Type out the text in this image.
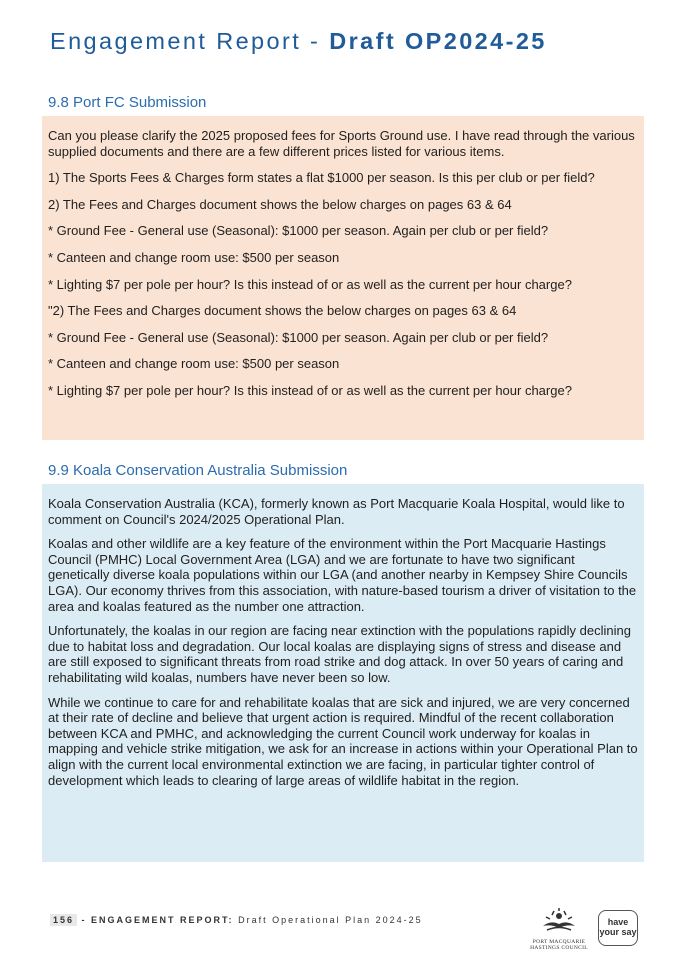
Engagement Report - Draft OP2024-25
9.8 Port FC Submission

Can you please clarify the 2025 proposed fees for Sports Ground use. I have read through the various supplied documents and there are a few different prices listed for various items.

1) The Sports Fees & Charges form states a flat $1000 per season. Is this per club or per field?

2) The Fees and Charges document shows the below charges on pages 63 & 64

* Ground Fee - General use (Seasonal): $1000 per season. Again per club or per field?

* Canteen and change room use: $500 per season

* Lighting $7 per pole per hour? Is this instead of or as well as the current per hour charge?

"2) The Fees and Charges document shows the below charges on pages 63 & 64

* Ground Fee - General use (Seasonal): $1000 per season. Again per club or per field?

* Canteen and change room use: $500 per season

* Lighting $7 per pole per hour? Is this instead of or as well as the current per hour charge?

9.9 Koala Conservation Australia Submission

Koala Conservation Australia (KCA), formerly known as Port Macquarie Koala Hospital, would like to comment on Council's 2024/2025 Operational Plan.

Koalas and other wildlife are a key feature of the environment within the Port Macquarie Hastings Council (PMHC) Local Government Area (LGA) and we are fortunate to have two significant genetically diverse koala populations within our LGA (and another nearby in Kempsey Shire Councils LGA). Our economy thrives from this association, with nature-based tourism a driver of visitation to the area and koalas featured as the number one attraction.

Unfortunately, the koalas in our region are facing near extinction with the populations rapidly declining due to habitat loss and degradation. Our local koalas are displaying signs of stress and disease and are still exposed to significant threats from road strike and dog attack. In over 50 years of caring and rehabilitating wild koalas, numbers have never been so low.

While we continue to care for and rehabilitate koalas that are sick and injured, we are very concerned at their rate of decline and believe that urgent action is required. Mindful of the recent collaboration between KCA and PMHC, and acknowledging the current Council work underway for koalas in mapping and vehicle strike mitigation, we ask for an increase in actions within your Operational Plan to align with the current local environmental extinction we are facing, in particular tighter control of development which leads to clearing of large areas of wildlife habitat in the region.

156 - ENGAGEMENT REPORT: Draft Operational Plan 2024-25
PORT MACQUARIE
HASTINGS COUNCIL
have
your say
